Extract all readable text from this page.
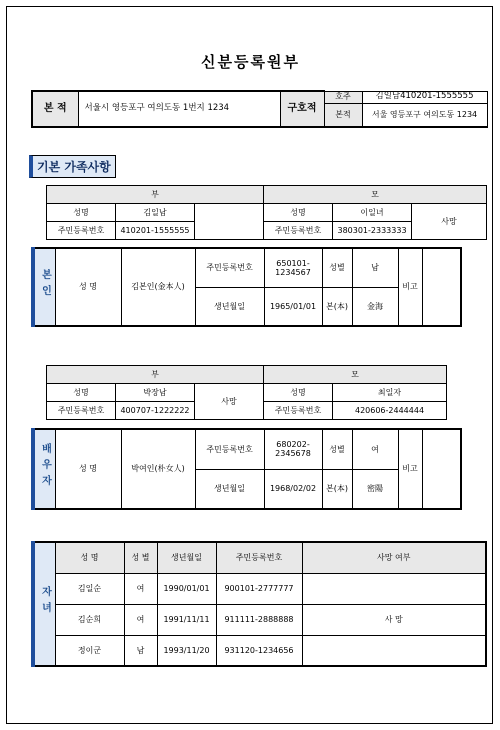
신분등록원부
본 적	서울시 영등포구 여의도동 1번지 1234	구호적	호주	김일남410201-1555555
			본적	서울 영등포구 여의도동 1234
기본 가족사항
부			모		
성명	김일남		성명	이일녀	사망
주민등록번호	410201-1555555		주민등록번호	380301-2333333	
본인	성 명	김본인(金本人)	주민등록번호	650101-1234567	성별	남	비고	
			생년월일	1965/01/01	본(本)	金海		
부			모	
성명	박장남	사망	성명	최일자
주민등록번호	400707-1222222		주민등록번호	420606-2444444
배우자	성 명	박여인(朴女人)	주민등록번호	680202-2345678	성별	여	비고	
			생년월일	1968/02/02	본(本)	密陽		
자녀	성 명	성 별	생년월일	주민등록번호	사망 여부
	김일순	여	1990/01/01	900101-2777777	
	김순희	여	1991/11/11	911111-2888888	사 망
	정이군	남	1993/11/20	931120-1234656	
